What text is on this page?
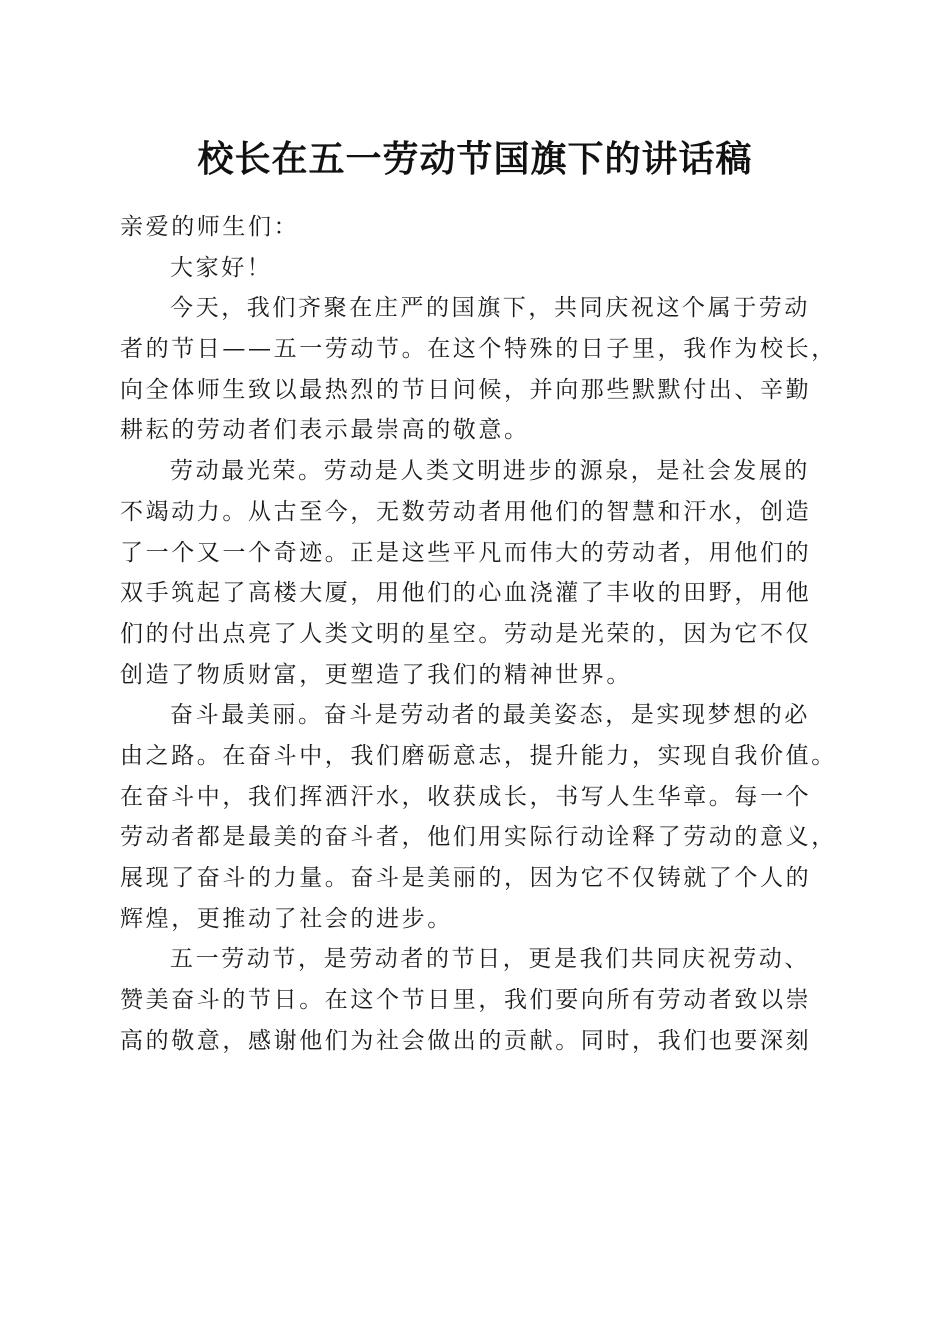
校长在五一劳动节国旗下的讲话稿
亲爱的师生们：
大家好！
今天，我们齐聚在庄严的国旗下，共同庆祝这个属于劳动
者的节日——五一劳动节。在这个特殊的日子里，我作为校长，
向全体师生致以最热烈的节日问候，并向那些默默付出、辛勤
耕耘的劳动者们表示最崇高的敬意。
劳动最光荣。劳动是人类文明进步的源泉，是社会发展的
不竭动力。从古至今，无数劳动者用他们的智慧和汗水，创造
了一个又一个奇迹。正是这些平凡而伟大的劳动者，用他们的
双手筑起了高楼大厦，用他们的心血浇灌了丰收的田野，用他
们的付出点亮了人类文明的星空。劳动是光荣的，因为它不仅
创造了物质财富，更塑造了我们的精神世界。
奋斗最美丽。奋斗是劳动者的最美姿态，是实现梦想的必
由之路。在奋斗中，我们磨砺意志，提升能力，实现自我价值。
在奋斗中，我们挥洒汗水，收获成长，书写人生华章。每一个
劳动者都是最美的奋斗者，他们用实际行动诠释了劳动的意义，
展现了奋斗的力量。奋斗是美丽的，因为它不仅铸就了个人的
辉煌，更推动了社会的进步。
五一劳动节，是劳动者的节日，更是我们共同庆祝劳动、
赞美奋斗的节日。在这个节日里，我们要向所有劳动者致以崇
高的敬意，感谢他们为社会做出的贡献。同时，我们也要深刻
